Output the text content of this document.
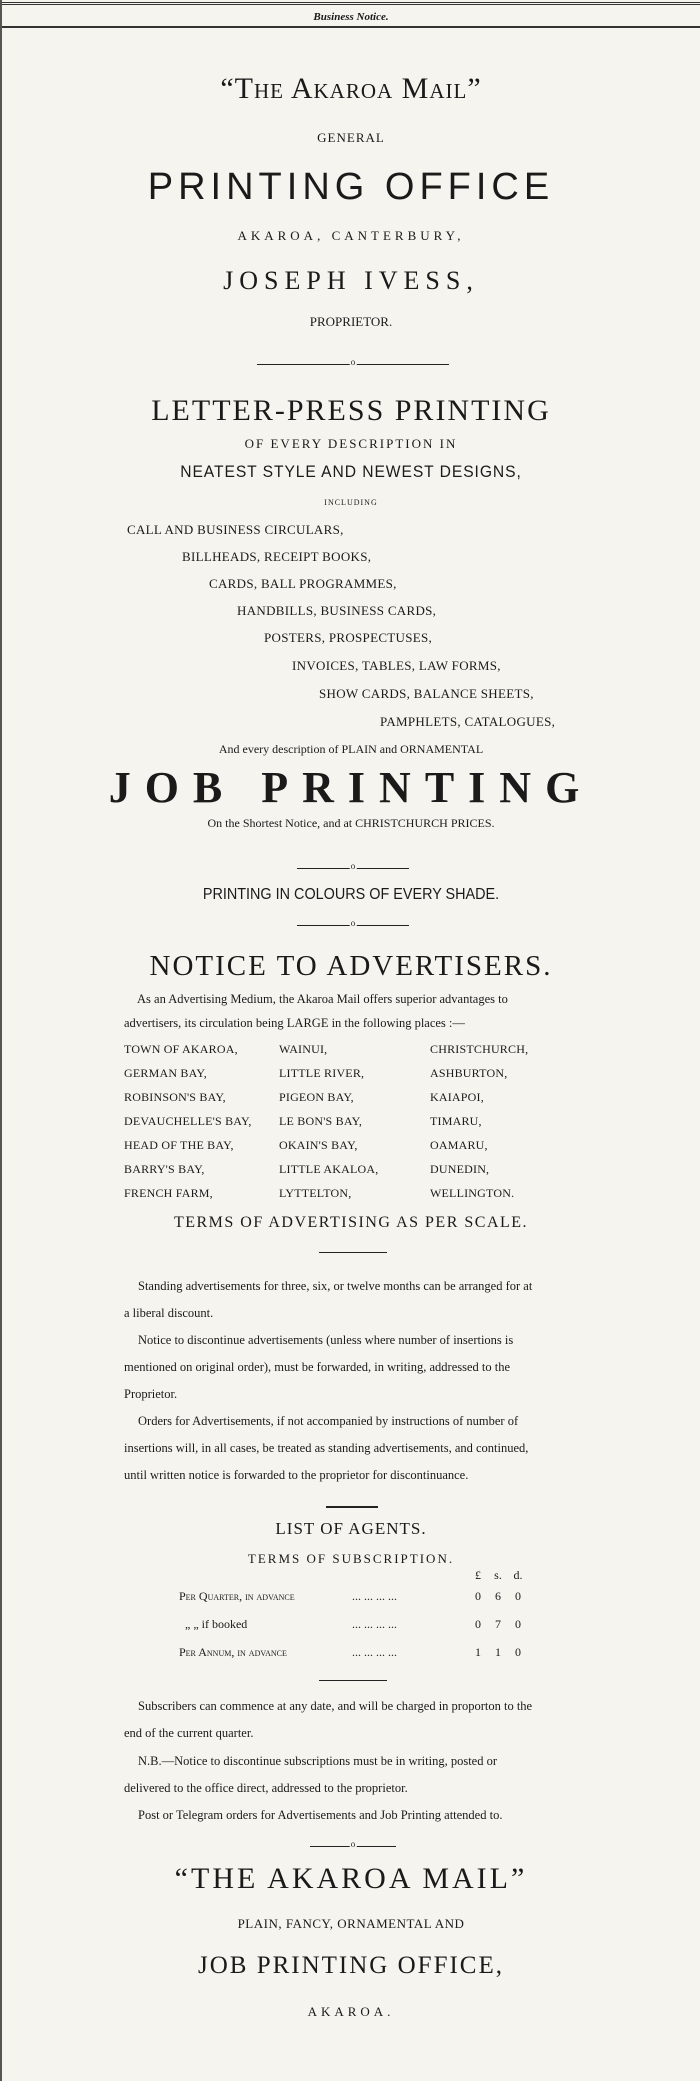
Business Notice.
“The Akaroa Mail”
GENERAL
PRINTING OFFICE
AKAROA, CANTERBURY,
JOSEPH IVESS,
PROPRIETOR.
o
LETTER-PRESS PRINTING
OF EVERY DESCRIPTION IN
NEATEST STYLE AND NEWEST DESIGNS,
INCLUDING
CALL AND BUSINESS CIRCULARS,
BILLHEADS, RECEIPT BOOKS,
CARDS, BALL PROGRAMMES,
HANDBILLS, BUSINESS CARDS,
POSTERS, PROSPECTUSES,
INVOICES, TABLES, LAW FORMS,
SHOW CARDS, BALANCE SHEETS,
PAMPHLETS, CATALOGUES,
And every description of PLAIN and ORNAMENTAL
JOB PRINTING
On the Shortest Notice, and at CHRISTCHURCH PRICES.
o
PRINTING IN COLOURS OF EVERY SHADE.
o
NOTICE TO ADVERTISERS.
As an Advertising Medium, the Akaroa Mail offers superior advantages to
advertisers, its circulation being LARGE in the following places :—
TOWN OF AKAROA,	WAINUI,	CHRISTCHURCH,
GERMAN BAY,	LITTLE RIVER,	ASHBURTON,
ROBINSON'S BAY,	PIGEON BAY,	KAIAPOI,
DEVAUCHELLE'S BAY, LE BON'S BAY,	TIMARU,
HEAD OF THE BAY,	OKAIN'S BAY,	OAMARU,
BARRY'S BAY,	LITTLE AKALOA,	DUNEDIN,
FRENCH FARM,	LYTTELTON,	WELLINGTON.
TERMS OF ADVERTISING AS PER SCALE.
Standing advertisements for three, six, or twelve months can be arranged for at
a liberal discount.
Notice to discontinue advertisements (unless where number of insertions is
mentioned on original order), must be forwarded, in writing, addressed to the
Proprietor.
Orders for Advertisements, if not accompanied by instructions of number of
insertions will, in all cases, be treated as standing advertisements, and continued,
until written notice is forwarded to the proprietor for discontinuance.
LIST OF AGENTS.
TERMS OF SUBSCRIPTION.
£	s. d.
Per Quarter, in advance	... ... ... ...	0	6	0
„ „ if booked	... ... ... ...	0	7	0
Per Annum, in advance	... ... ... ...	1	1	0
Subscribers can commence at any date, and will be charged in proporton to the
end of the current quarter.
N.B.—Notice to discontinue subscriptions must be in writing, posted or
delivered to the office direct, addressed to the proprietor.
Post or Telegram orders for Advertisements and Job Printing attended to.
o
“THE AKAROA MAIL”
PLAIN, FANCY, ORNAMENTAL AND
JOB PRINTING OFFICE,
AKAROA.
